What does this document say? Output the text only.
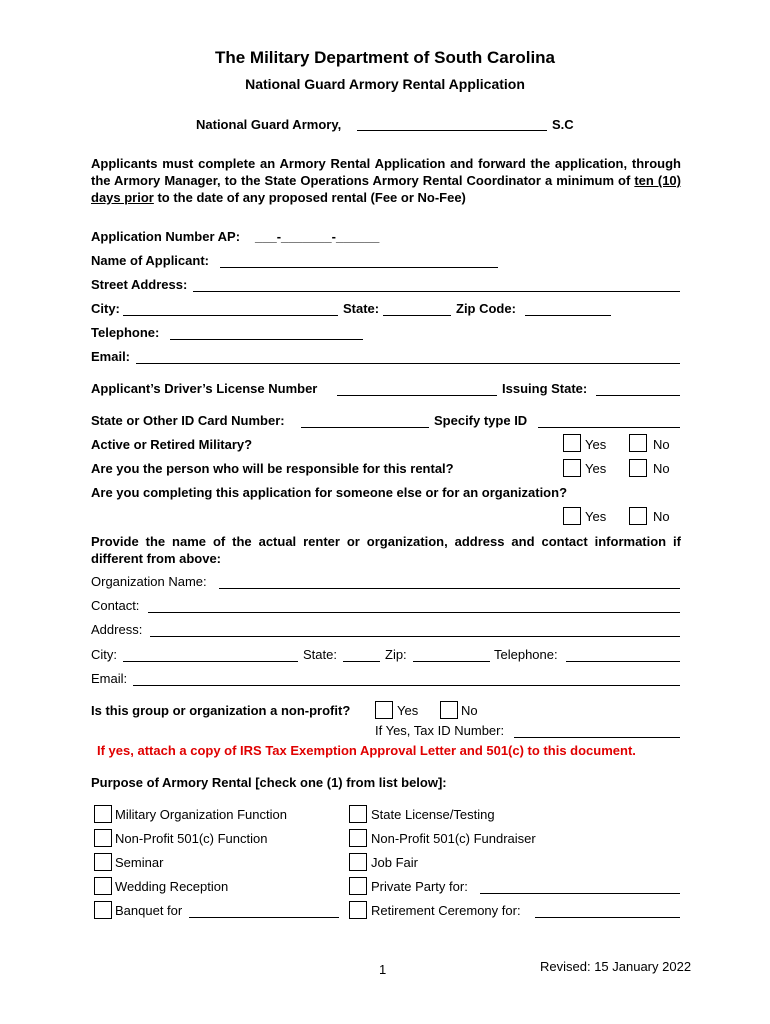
The Military Department of South Carolina
National Guard Armory Rental Application
National Guard Armory,	S.C
Applicants must complete an Armory Rental Application and forward the application, through the Armory Manager, to the State Operations Armory Rental Coordinator a minimum of ten (10) days prior to the date of any proposed rental (Fee or No-Fee)
Application Number AP: ___-_______-______
Name of Applicant:
Street Address:
City:	State:	Zip Code:
Telephone:
Email:
Applicant’s Driver’s License Number	Issuing State:
State or Other ID Card Number:	Specify type ID
Active or Retired Military?	Yes	No
Are you the person who will be responsible for this rental?	Yes	No
Are you completing this application for someone else or for an organization?
Yes	No
Provide the name of the actual renter or organization, address and contact information if different from above:
Organization Name:
Contact:
Address:
City:	State:	Zip:	Telephone:
Email:
Is this group or organization a non-profit?	Yes	No
If Yes, Tax ID Number:
If yes, attach a copy of IRS Tax Exemption Approval Letter and 501(c) to this document.
Purpose of Armory Rental [check one (1) from list below]:
Military Organization Function
Non-Profit 501(c) Function
Seminar
Wedding Reception
Banquet for
State License/Testing
Non-Profit 501(c) Fundraiser
Job Fair
Private Party for:
Retirement Ceremony for:
1	Revised: 15 January 2022
